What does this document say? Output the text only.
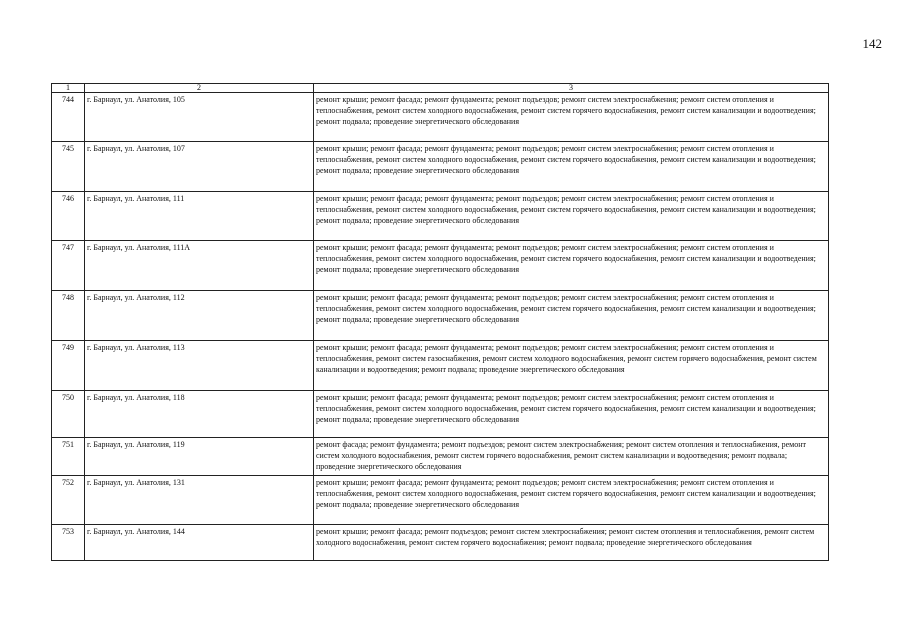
142
1	2	3
744	г. Барнаул, ул. Анатолия, 105	ремонт крыши; ремонт фасада; ремонт фундамента; ремонт подъездов; ремонт систем электроснабжения; ремонт систем отопления и теплоснабжения, ремонт систем холодного водоснабжения, ремонт систем горячего водоснабжения, ремонт систем канализации и водоотведения; ремонт подвала; проведение энергетического обследования
745	г. Барнаул, ул. Анатолия, 107	ремонт крыши; ремонт фасада; ремонт фундамента; ремонт подъездов; ремонт систем электроснабжения; ремонт систем отопления и теплоснабжения, ремонт систем холодного водоснабжения, ремонт систем горячего водоснабжения, ремонт систем канализации и водоотведения; ремонт подвала; проведение энергетического обследования
746	г. Барнаул, ул. Анатолия, 111	ремонт крыши; ремонт фасада; ремонт фундамента; ремонт подъездов; ремонт систем электроснабжения; ремонт систем отопления и теплоснабжения, ремонт систем холодного водоснабжения, ремонт систем горячего водоснабжения, ремонт систем канализации и водоотведения; ремонт подвала; проведение энергетического обследования
747	г. Барнаул, ул. Анатолия, 111А	ремонт крыши; ремонт фасада; ремонт фундамента; ремонт подъездов; ремонт систем электроснабжения; ремонт систем отопления и теплоснабжения, ремонт систем холодного водоснабжения, ремонт систем горячего водоснабжения, ремонт систем канализации и водоотведения; ремонт подвала; проведение энергетического обследования
748	г. Барнаул, ул. Анатолия, 112	ремонт крыши; ремонт фасада; ремонт фундамента; ремонт подъездов; ремонт систем электроснабжения; ремонт систем отопления и теплоснабжения, ремонт систем холодного водоснабжения, ремонт систем горячего водоснабжения, ремонт систем канализации и водоотведения; ремонт подвала; проведение энергетического обследования
749	г. Барнаул, ул. Анатолия, 113	ремонт крыши; ремонт фасада; ремонт фундамента; ремонт подъездов; ремонт систем электроснабжения; ремонт систем отопления и теплоснабжения, ремонт систем газоснабжения, ремонт систем холодного водоснабжения, ремонт систем горячего водоснабжения, ремонт систем канализации и водоотведения; ремонт подвала; проведение энергетического обследования
750	г. Барнаул, ул. Анатолия, 118	ремонт крыши; ремонт фасада; ремонт фундамента; ремонт подъездов; ремонт систем электроснабжения; ремонт систем отопления и теплоснабжения, ремонт систем холодного водоснабжения, ремонт систем горячего водоснабжения, ремонт систем канализации и водоотведения; ремонт подвала; проведение энергетического обследования
751	г. Барнаул, ул. Анатолия, 119	ремонт фасада; ремонт фундамента; ремонт подъездов; ремонт систем электроснабжения; ремонт систем отопления и теплоснабжения, ремонт систем холодного водоснабжения, ремонт систем горячего водоснабжения, ремонт систем канализации и водоотведения; ремонт подвала; проведение энергетического обследования
752	г. Барнаул, ул. Анатолия, 131	ремонт крыши; ремонт фасада; ремонт фундамента; ремонт подъездов; ремонт систем электроснабжения; ремонт систем отопления и теплоснабжения, ремонт систем холодного водоснабжения, ремонт систем горячего водоснабжения, ремонт систем канализации и водоотведения; ремонт подвала; проведение энергетического обследования
753	г. Барнаул, ул. Анатолия, 144	ремонт крыши; ремонт фасада; ремонт подъездов; ремонт систем электроснабжения; ремонт систем отопления и теплоснабжения, ремонт систем холодного водоснабжения, ремонт систем горячего водоснабжения; ремонт подвала; проведение энергетического обследования
